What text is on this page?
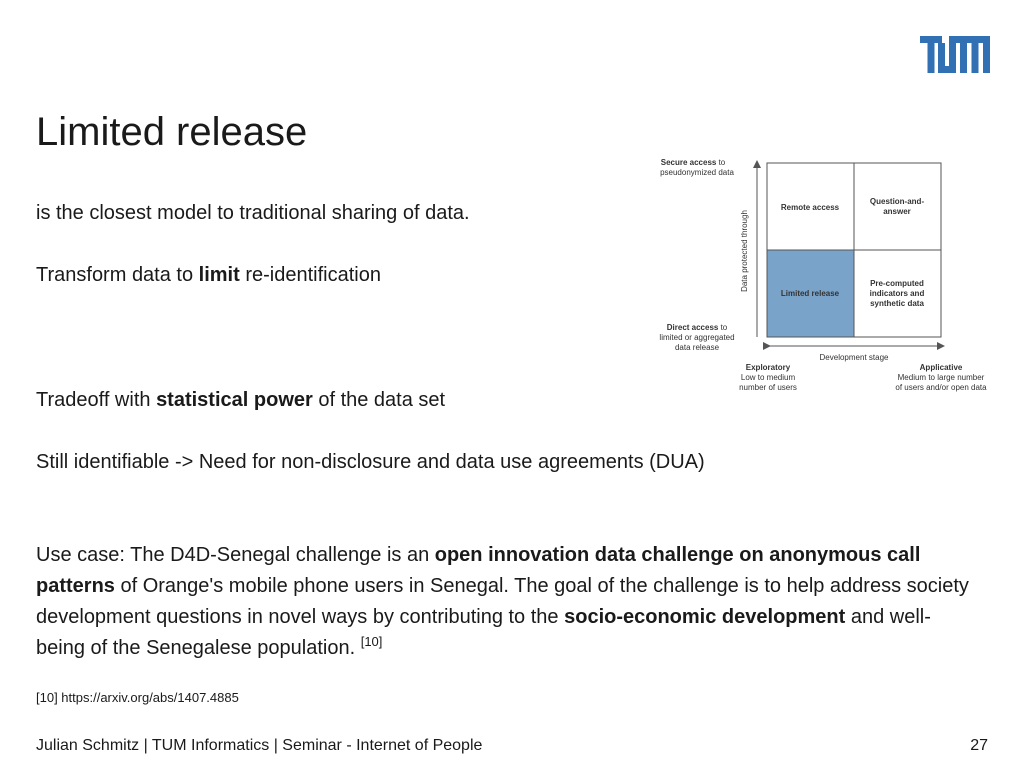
Limited release

is the closest model to traditional sharing of data.

Transform data to limit re-identification

Tradeoff with statistical power of the data set

Still identifiable -> Need for non-disclosure and data use agreements (DUA)

Use case: The D4D-Senegal challenge is an open innovation data challenge on anonymous call patterns of Orange's mobile phone users in Senegal. The goal of the challenge is to help address society development questions in novel ways by contributing to the socio-economic development and well-being of the Senegalese population. [10]

[10] https://arxiv.org/abs/1407.4885

Julian Schmitz | TUM Informatics | Seminar - Internet of People	27

Secure access to
pseudonymized data
Direct access to
limited or aggregated
data release
Data protected through
Remote access
Question-and-
answer
Limited release
Pre-computed
indicators and
synthetic data
Development stage
Exploratory
Low to medium
number of users
Applicative
Medium to large number
of users and/or open data
